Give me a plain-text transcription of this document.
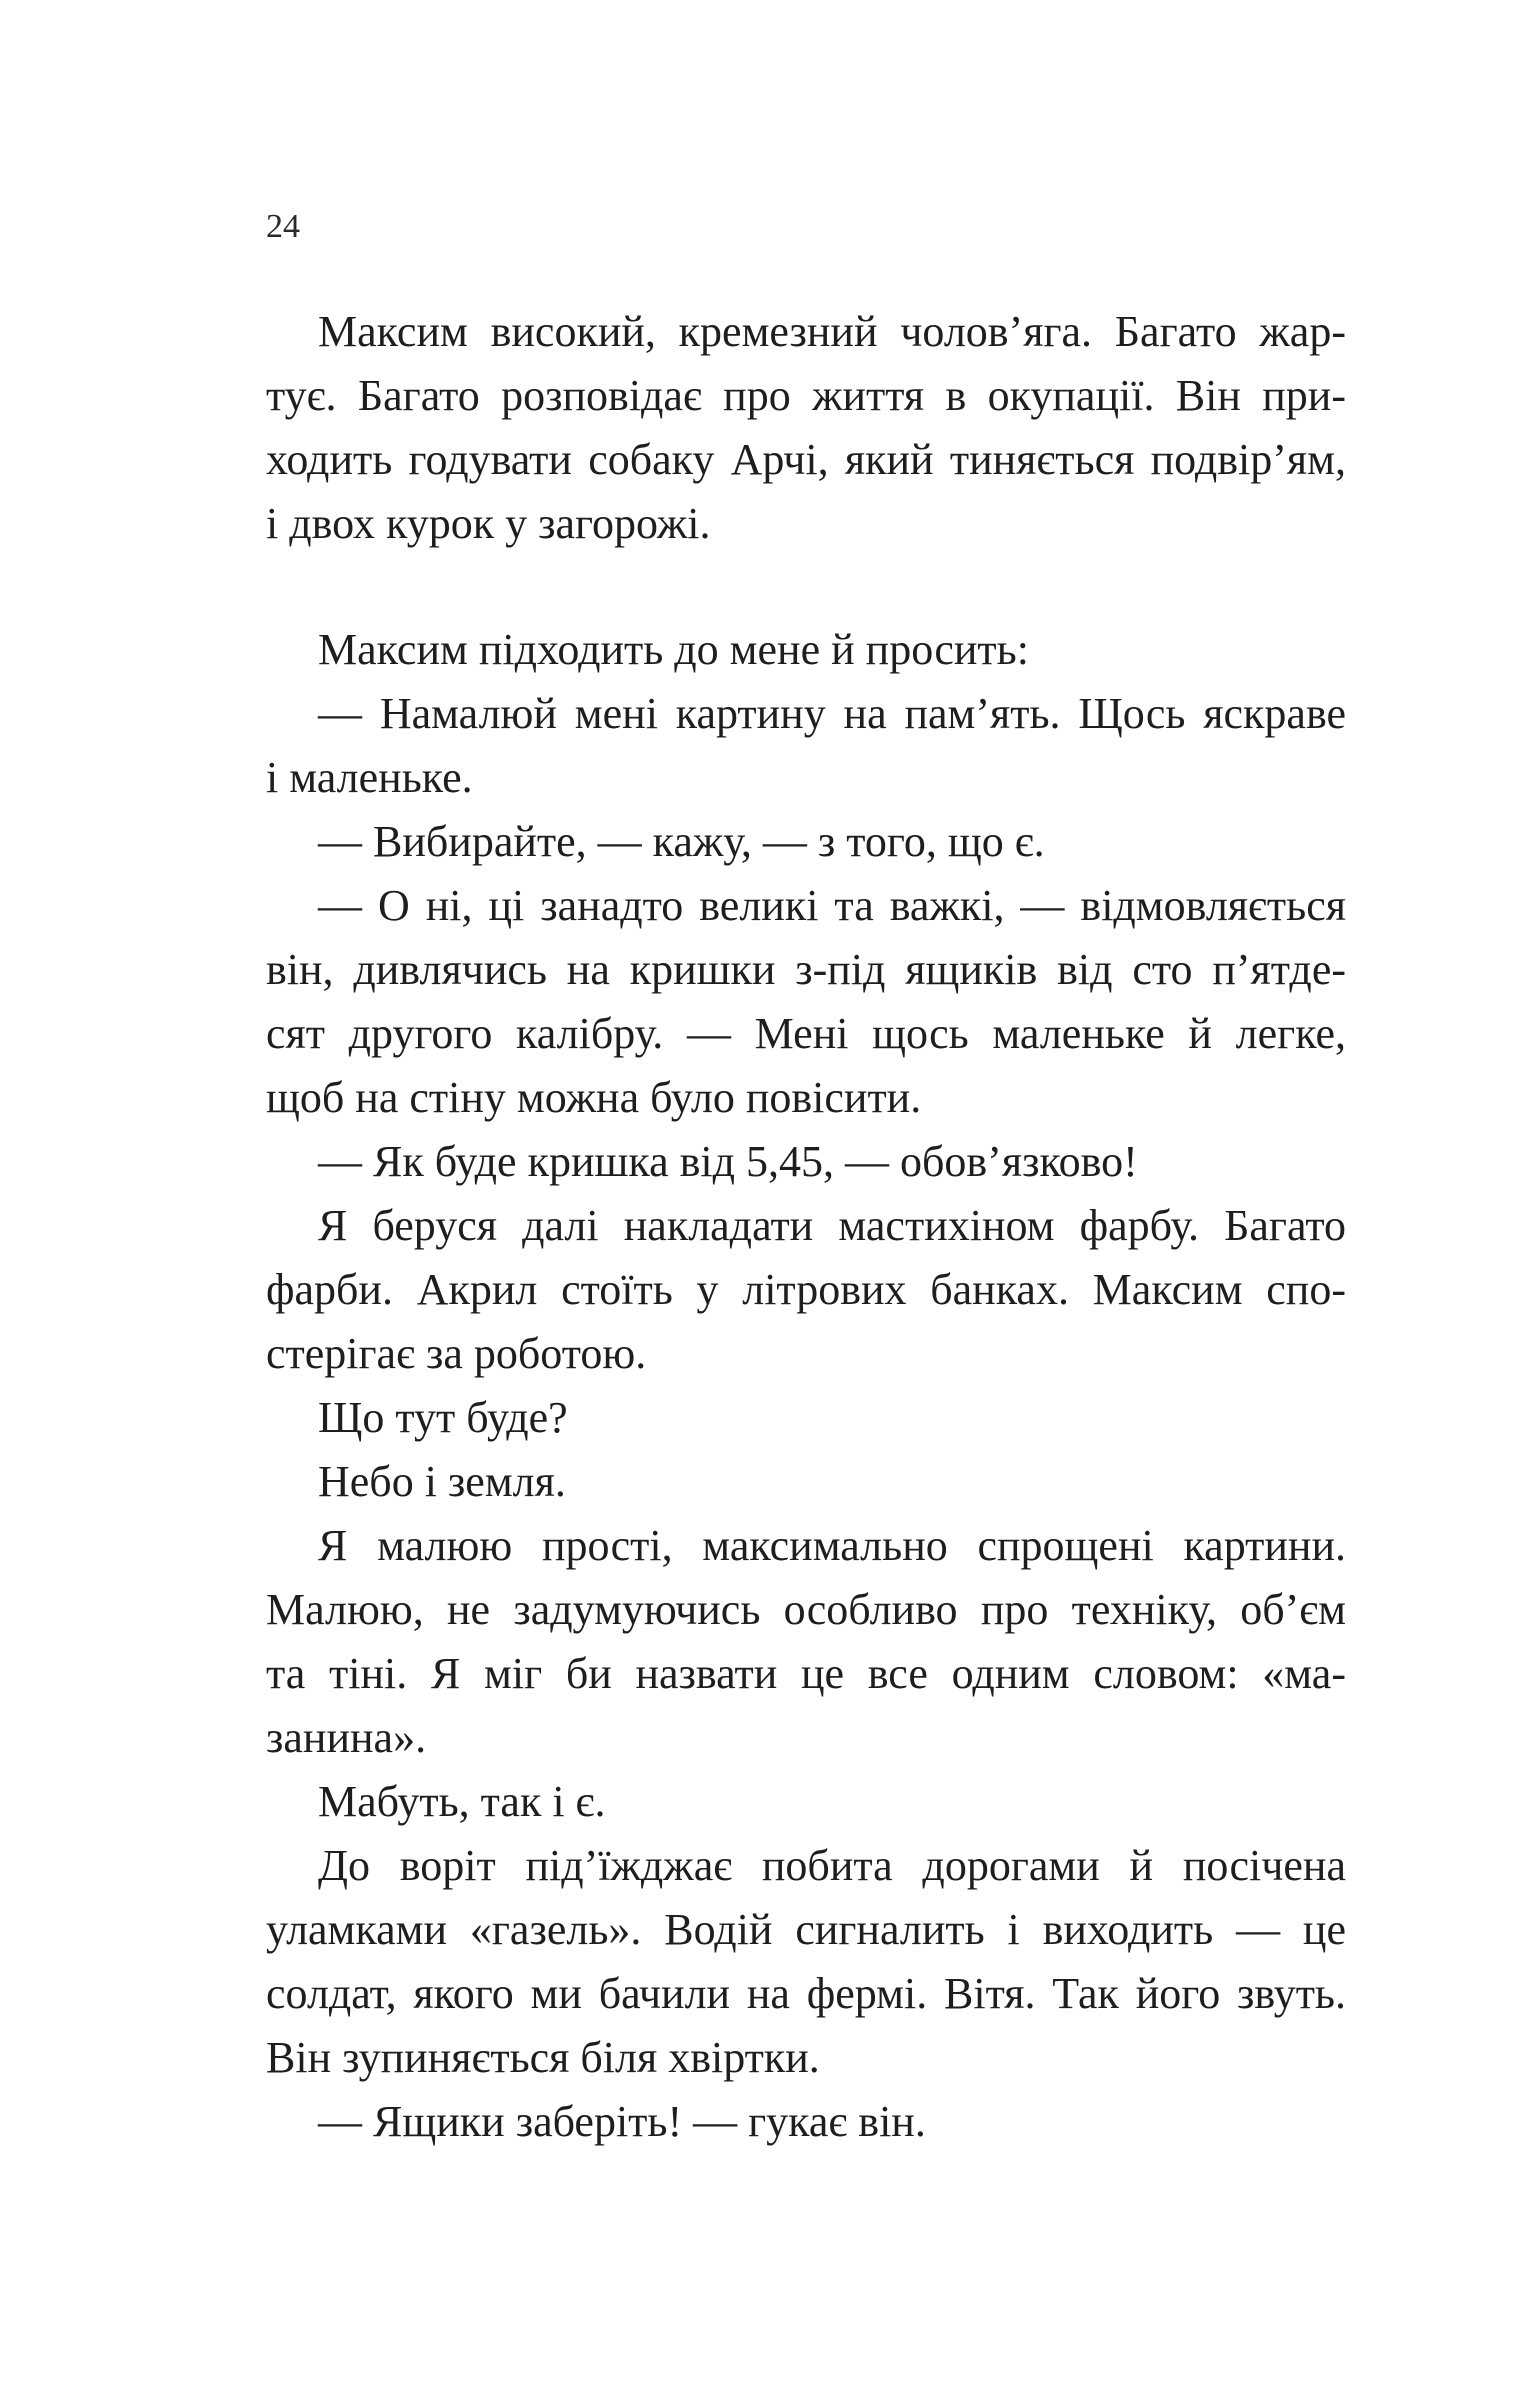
24
Максим високий, кремезний чолов’яга. Багато жар-
тує. Багато розповідає про життя в окупації. Він при-
ходить годувати собаку Арчі, який тиняється подвір’ям,
і двох курок у загорожі.
Максим підходить до мене й просить:
— Намалюй мені картину на пам’ять. Щось яскраве
і маленьке.
— Вибирайте, — кажу, — з того, що є.
— О ні, ці занадто великі та важкі, — відмовляється
він, дивлячись на кришки з-під ящиків від сто п’ятде-
сят другого калібру. — Мені щось маленьке й легке,
щоб на стіну можна було повісити.
— Як буде кришка від 5,45, — обов’язково!
Я беруся далі накладати мастихіном фарбу. Багато
фарби. Акрил стоїть у літрових банках. Максим спо-
стерігає за роботою.
Що тут буде?
Небо і земля.
Я малюю прості, максимально спрощені картини.
Малюю, не задумуючись особливо про техніку, об’єм
та тіні. Я міг би назвати це все одним словом: «ма-
занина».
Мабуть, так і є.
До воріт під’їжджає побита дорогами й посічена
уламками «газель». Водій сигналить і виходить — це
солдат, якого ми бачили на фермі. Вітя. Так його звуть.
Він зупиняється біля хвіртки.
— Ящики заберіть! — гукає він.
